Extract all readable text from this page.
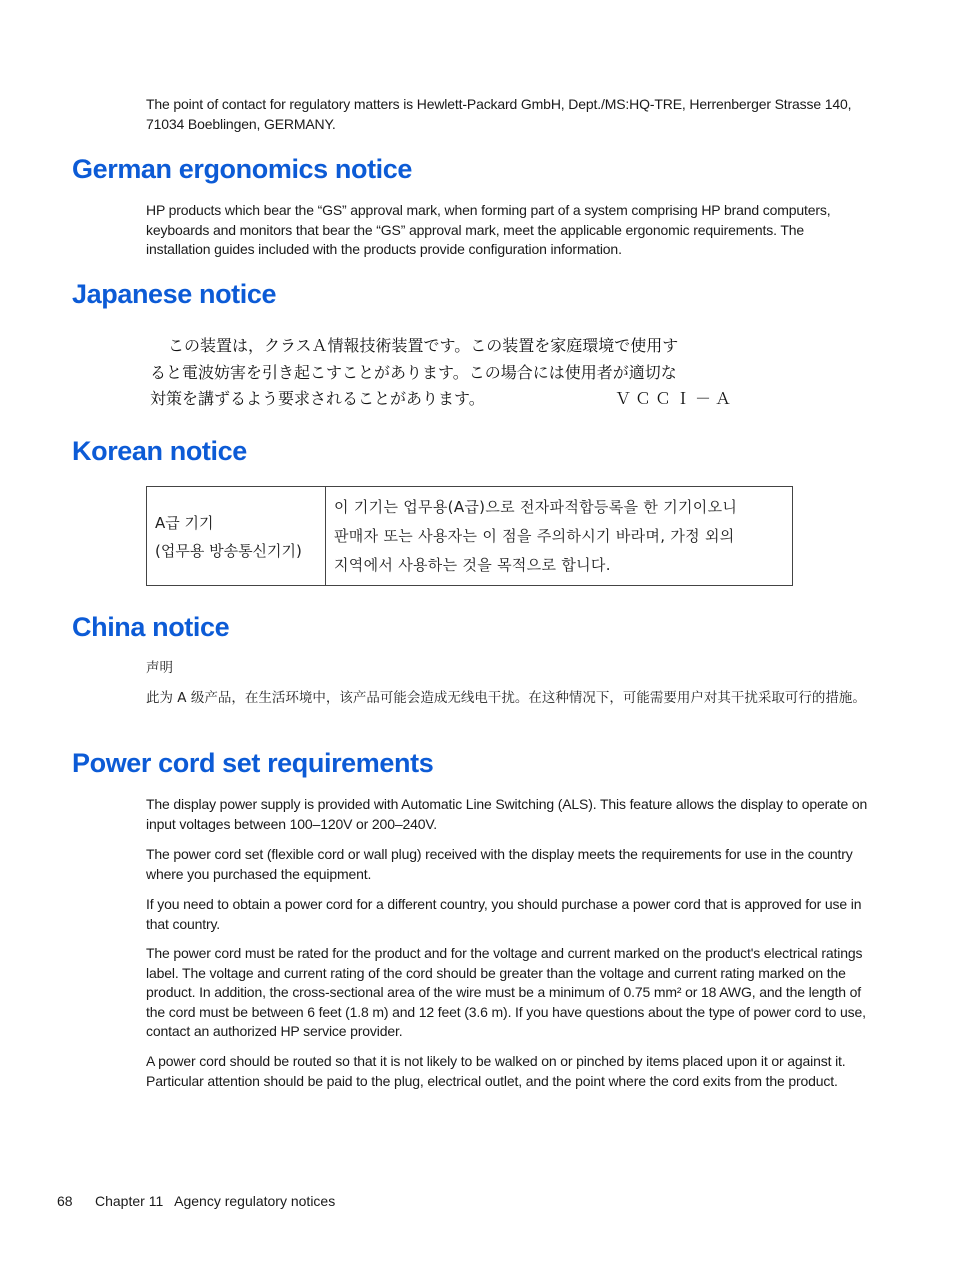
The point of contact for regulatory matters is Hewlett-Packard GmbH, Dept./MS:HQ-TRE, Herrenberger Strasse 140, 71034 Boeblingen, GERMANY.

German ergonomics notice

HP products which bear the “GS” approval mark, when forming part of a system comprising HP brand computers, keyboards and monitors that bear the “GS” approval mark, meet the applicable ergonomic requirements. The installation guides included with the products provide configuration information.

Japanese notice
この装置は，クラスＡ情報技術装置です。この装置を家庭環境で使用す
ると電波妨害を引き起こすことがあります。この場合には使用者が適切な
対策を講ずるよう要求されることがあります。	ＶＣＣＩ－Ａ
Korean notice
A급 기기
(업무용 방송통신기기)
이 기기는 업무용(A급)으로 전자파적합등록을 한 기기이오니
판매자 또는 사용자는 이 점을 주의하시기 바라며, 가정 외의
지역에서 사용하는 것을 목적으로 합니다.
China notice
声明
此为 A 级产品，在生活环境中，该产品可能会造成无线电干扰。在这种情况下，可能需要用户对其干扰采取可行的措施。
Power cord set requirements

The display power supply is provided with Automatic Line Switching (ALS). This feature allows the display to operate on input voltages between 100–120V or 200–240V.

The power cord set (flexible cord or wall plug) received with the display meets the requirements for use in the country where you purchased the equipment.

If you need to obtain a power cord for a different country, you should purchase a power cord that is approved for use in that country.

The power cord must be rated for the product and for the voltage and current marked on the product's electrical ratings label. The voltage and current rating of the cord should be greater than the voltage and current rating marked on the product. In addition, the cross-sectional area of the wire must be a minimum of 0.75 mm² or 18 AWG, and the length of the cord must be between 6 feet (1.8 m) and 12 feet (3.6 m). If you have questions about the type of power cord to use, contact an authorized HP service provider.

A power cord should be routed so that it is not likely to be walked on or pinched by items placed upon it or against it. Particular attention should be paid to the plug, electrical outlet, and the point where the cord exits from the product.

68 Chapter 11   Agency regulatory notices
